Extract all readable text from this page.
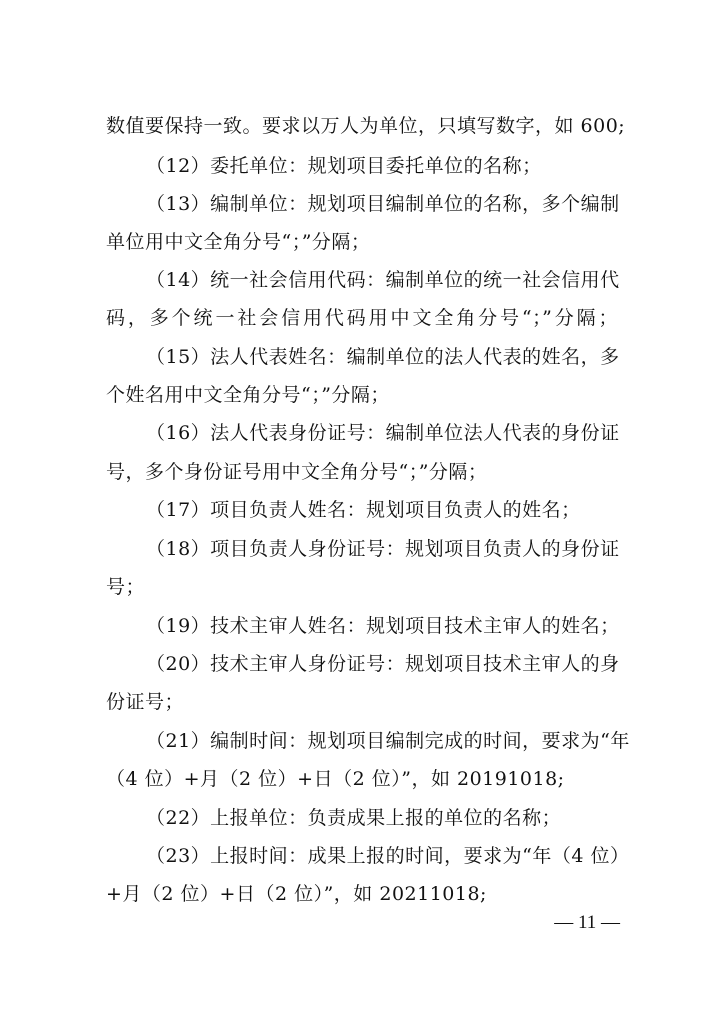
数值要保持一致。要求以万人为单位，只填写数字，如 600;
（12）委托单位：规划项目委托单位的名称；
（13）编制单位：规划项目编制单位的名称，多个编制
单位用中文全角分号“；”分隔；
（14）统一社会信用代码：编制单位的统一社会信用代
码，多个统一社会信用代码用中文全角分号“；”分隔；
（15）法人代表姓名：编制单位的法人代表的姓名，多
个姓名用中文全角分号“；”分隔；
（16）法人代表身份证号：编制单位法人代表的身份证
号，多个身份证号用中文全角分号“；”分隔；
（17）项目负责人姓名：规划项目负责人的姓名；
（18）项目负责人身份证号：规划项目负责人的身份证
号；
（19）技术主审人姓名：规划项目技术主审人的姓名；
（20）技术主审人身份证号：规划项目技术主审人的身
份证号；
（21）编制时间：规划项目编制完成的时间，要求为“年
（4 位）+月（2 位）+日（2 位）”，如 20191018;
（22）上报单位：负责成果上报的单位的名称；
（23）上报时间：成果上报的时间，要求为“年（4 位）
+月（2 位）+日（2 位）”，如 20211018;
— 11 —
